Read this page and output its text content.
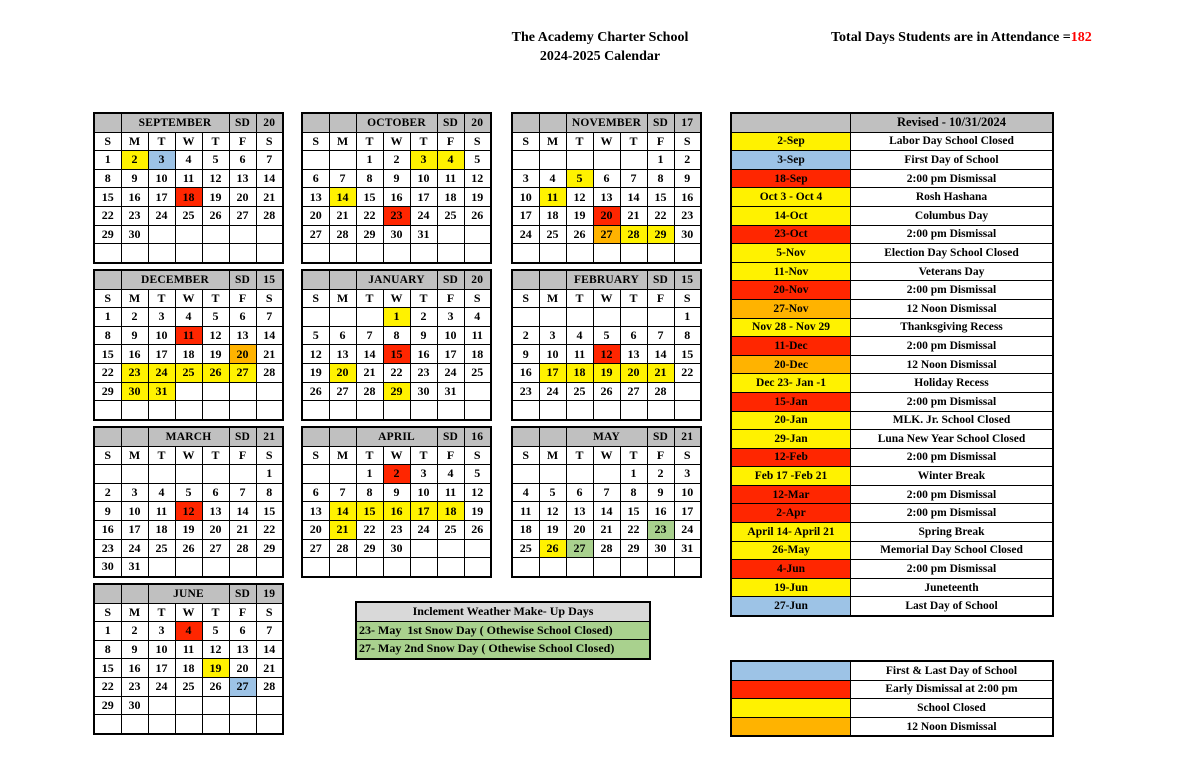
The Academy Charter School
2024-2025 Calendar
Total Days Students are in Attendance =182
	SEPTEMBER				SD	20
S	M	T	W	T	F	S
1	2	3	4	5	6	7
8	9	10	11	12	13	14
15	16	17	18	19	20	21
22	23	24	25	26	27	28
29	30					

		OCTOBER			SD	20
S	M	T	W	T	F	S
		1	2	3	4	5
6	7	8	9	10	11	12
13	14	15	16	17	18	19
20	21	22	23	24	25	26
27	28	29	30	31		

		NOVEMBER			SD	17
S	M	T	W	T	F	S
					1	2
3	4	5	6	7	8	9
10	11	12	13	14	15	16
17	18	19	20	21	22	23
24	25	26	27	28	29	30

	DECEMBER				SD	15
S	M	T	W	T	F	S
1	2	3	4	5	6	7
8	9	10	11	12	13	14
15	16	17	18	19	20	21
22	23	24	25	26	27	28
29	30	31				

		JANUARY			SD	20
S	M	T	W	T	F	S
			1	2	3	4
5	6	7	8	9	10	11
12	13	14	15	16	17	18
19	20	21	22	23	24	25
26	27	28	29	30	31	

		FEBRUARY			SD	15
S	M	T	W	T	F	S
						1
2	3	4	5	6	7	8
9	10	11	12	13	14	15
16	17	18	19	20	21	22
23	24	25	26	27	28	

		MARCH			SD	21
S	M	T	W	T	F	S
						1
2	3	4	5	6	7	8
9	10	11	12	13	14	15
16	17	18	19	20	21	22
23	24	25	26	27	28	29
30	31					
		APRIL			SD	16
S	M	T	W	T	F	S
		1	2	3	4	5
6	7	8	9	10	11	12
13	14	15	16	17	18	19
20	21	22	23	24	25	26
27	28	29	30			

		MAY			SD	21
S	M	T	W	T	F	S
				1	2	3
4	5	6	7	8	9	10
11	12	13	14	15	16	17
18	19	20	21	22	23	24
25	26	27	28	29	30	31

		JUNE			SD	19
S	M	T	W	T	F	S
1	2	3	4	5	6	7
8	9	10	11	12	13	14
15	16	17	18	19	20	21
22	23	24	25	26	27	28
29	30					

	Revised - 10/31/2024
2-Sep	Labor Day School Closed
3-Sep	First Day of School
18-Sep	2:00 pm Dismissal
Oct 3 - Oct 4	Rosh Hashana
14-Oct	Columbus Day
23-Oct	2:00 pm Dismissal
5-Nov	Election Day School Closed
11-Nov	Veterans Day
20-Nov	2:00 pm Dismissal
27-Nov	12 Noon Dismissal
Nov 28 - Nov 29	Thanksgiving Recess
11-Dec	2:00 pm Dismissal
20-Dec	12 Noon Dismissal
Dec 23- Jan -1	Holiday Recess
15-Jan	2:00 pm Dismissal
20-Jan	MLK. Jr. School Closed
29-Jan	Luna New Year School Closed
12-Feb	2:00 pm Dismissal
Feb 17 -Feb 21	Winter Break
12-Mar	2:00 pm Dismissal
2-Apr	2:00 pm Dismissal
April 14- April 21	Spring Break
26-May	Memorial Day School Closed
4-Jun	2:00 pm Dismissal
19-Jun	Juneteenth
27-Jun	Last Day of School
	First & Last Day of School
	Early Dismissal at 2:00 pm
	School Closed
	12 Noon Dismissal
Inclement Weather Make- Up Days
23- May  1st Snow Day ( Othewise School Closed)
27- May 2nd Snow Day ( Othewise School Closed)
